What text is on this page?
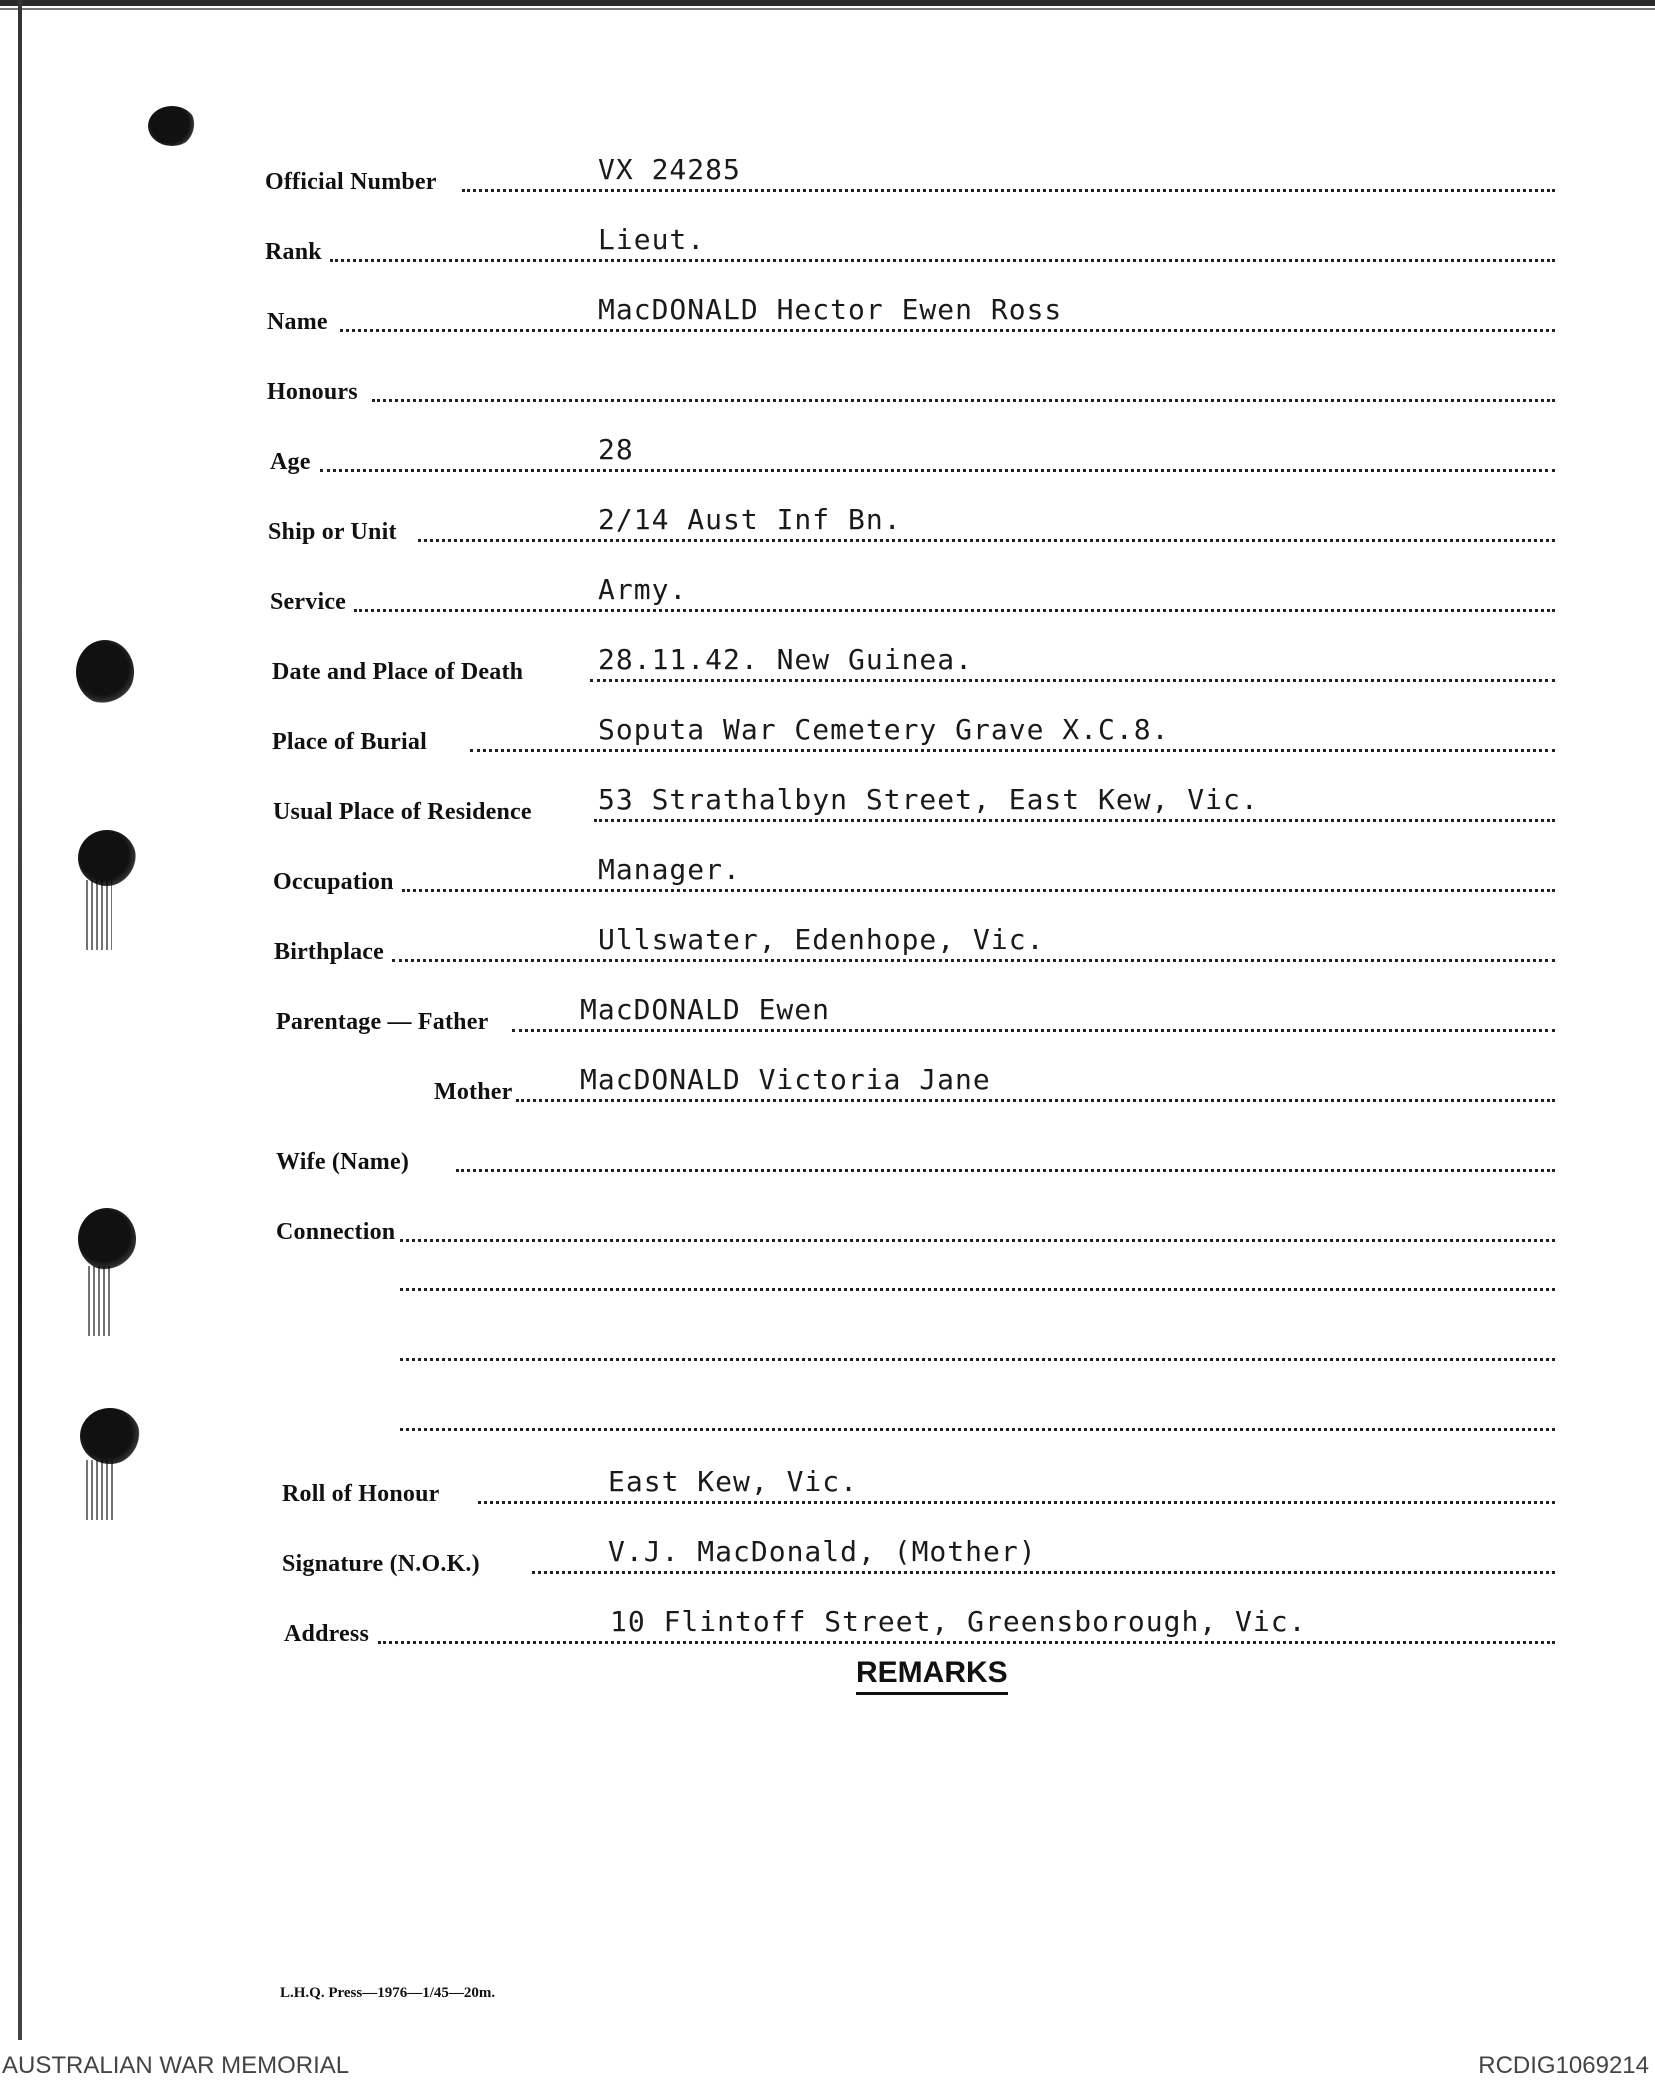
Official Number	VX 24285
Rank	Lieut.
Name	MacDONALD Hector Ewen Ross
Honours
Age	28
Ship or Unit	2/14 Aust Inf Bn.
Service	Army.
Date and Place of Death	28.11.42. New Guinea.
Place of Burial	Soputa War Cemetery Grave X.C.8.
Usual Place of Residence 53 Strathalbyn Street, East Kew, Vic.
Occupation	Manager.
Birthplace	Ullswater, Edenhope, Vic.
Parentage — Father	MacDONALD Ewen
Mother MacDONALD Victoria Jane
Wife (Name)
Connection
Roll of Honour	East Kew, Vic.
Signature (N.O.K.)	V.J. MacDonald, (Mother)
Address	10 Flintoff Street, Greensborough, Vic.
REMARKS
L.H.Q. Press—1976—1/45—20m.
AUSTRALIAN WAR MEMORIAL	RCDIG1069214
